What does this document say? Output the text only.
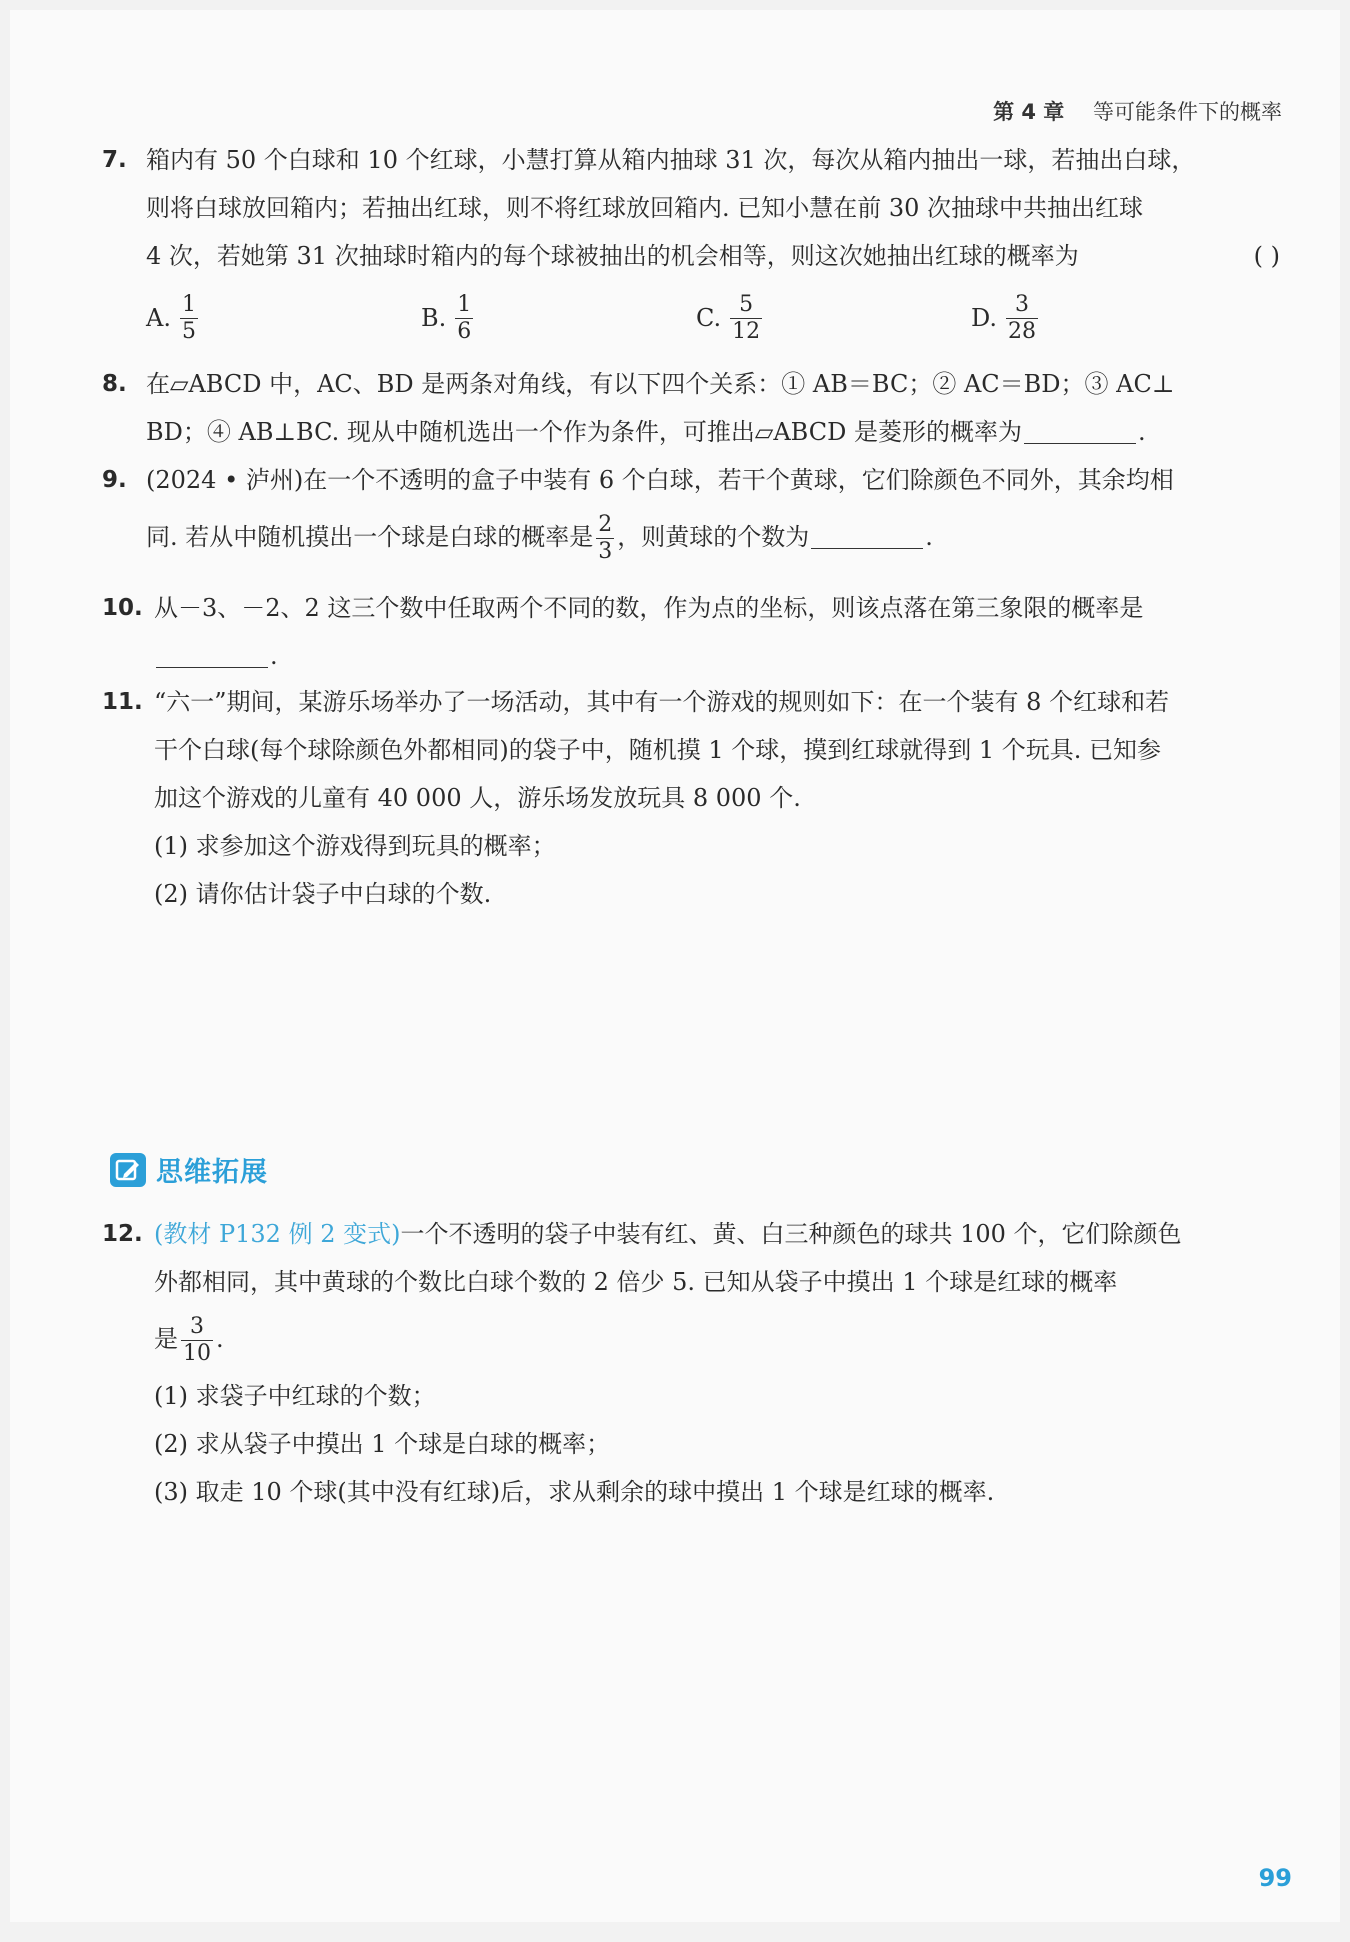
第 4 章 等可能条件下的概率
7. 箱内有 50 个白球和 10 个红球，小慧打算从箱内抽球 31 次，每次从箱内抽出一球，若抽出白球，
则将白球放回箱内；若抽出红球，则不将红球放回箱内. 已知小慧在前 30 次抽球中共抽出红球
4 次，若她第 31 次抽球时箱内的每个球被抽出的机会相等，则这次她抽出红球的概率为	( )
A. $\frac{1}{5}$	B. $\frac{1}{6}$	C. $\frac{5}{12}$	D. $\frac{3}{28}$
8. 在▱ABCD 中，AC、BD 是两条对角线，有以下四个关系：① AB＝BC；② AC＝BD；③ AC⊥
BD；④ AB⊥BC. 现从中随机选出一个作为条件，可推出▱ABCD 是菱形的概率为	.
9. (2024 • 泸州)在一个不透明的盒子中装有 6 个白球，若干个黄球，它们除颜色不同外，其余均相
同. 若从中随机摸出一个球是白球的概率是 $\frac{2}{3}$ ，则黄球的个数为	.
10. 从－3、－2、2 这三个数中任取两个不同的数，作为点的坐标，则该点落在第三象限的概率是
.
11. “六一”期间，某游乐场举办了一场活动，其中有一个游戏的规则如下：在一个装有 8 个红球和若
干个白球(每个球除颜色外都相同)的袋子中，随机摸 1 个球，摸到红球就得到 1 个玩具. 已知参
加这个游戏的儿童有 40 000 人，游乐场发放玩具 8 000 个.
(1) 求参加这个游戏得到玩具的概率；
(2) 请你估计袋子中白球的个数.
思维拓展
12. (教材 P132 例 2 变式)一个不透明的袋子中装有红、黄、白三种颜色的球共 100 个，它们除颜色
外都相同，其中黄球的个数比白球个数的 2 倍少 5. 已知从袋子中摸出 1 个球是红球的概率
是 $\frac{3}{10}$ .
(1) 求袋子中红球的个数；
(2) 求从袋子中摸出 1 个球是白球的概率；
(3) 取走 10 个球(其中没有红球)后，求从剩余的球中摸出 1 个球是红球的概率.
99
